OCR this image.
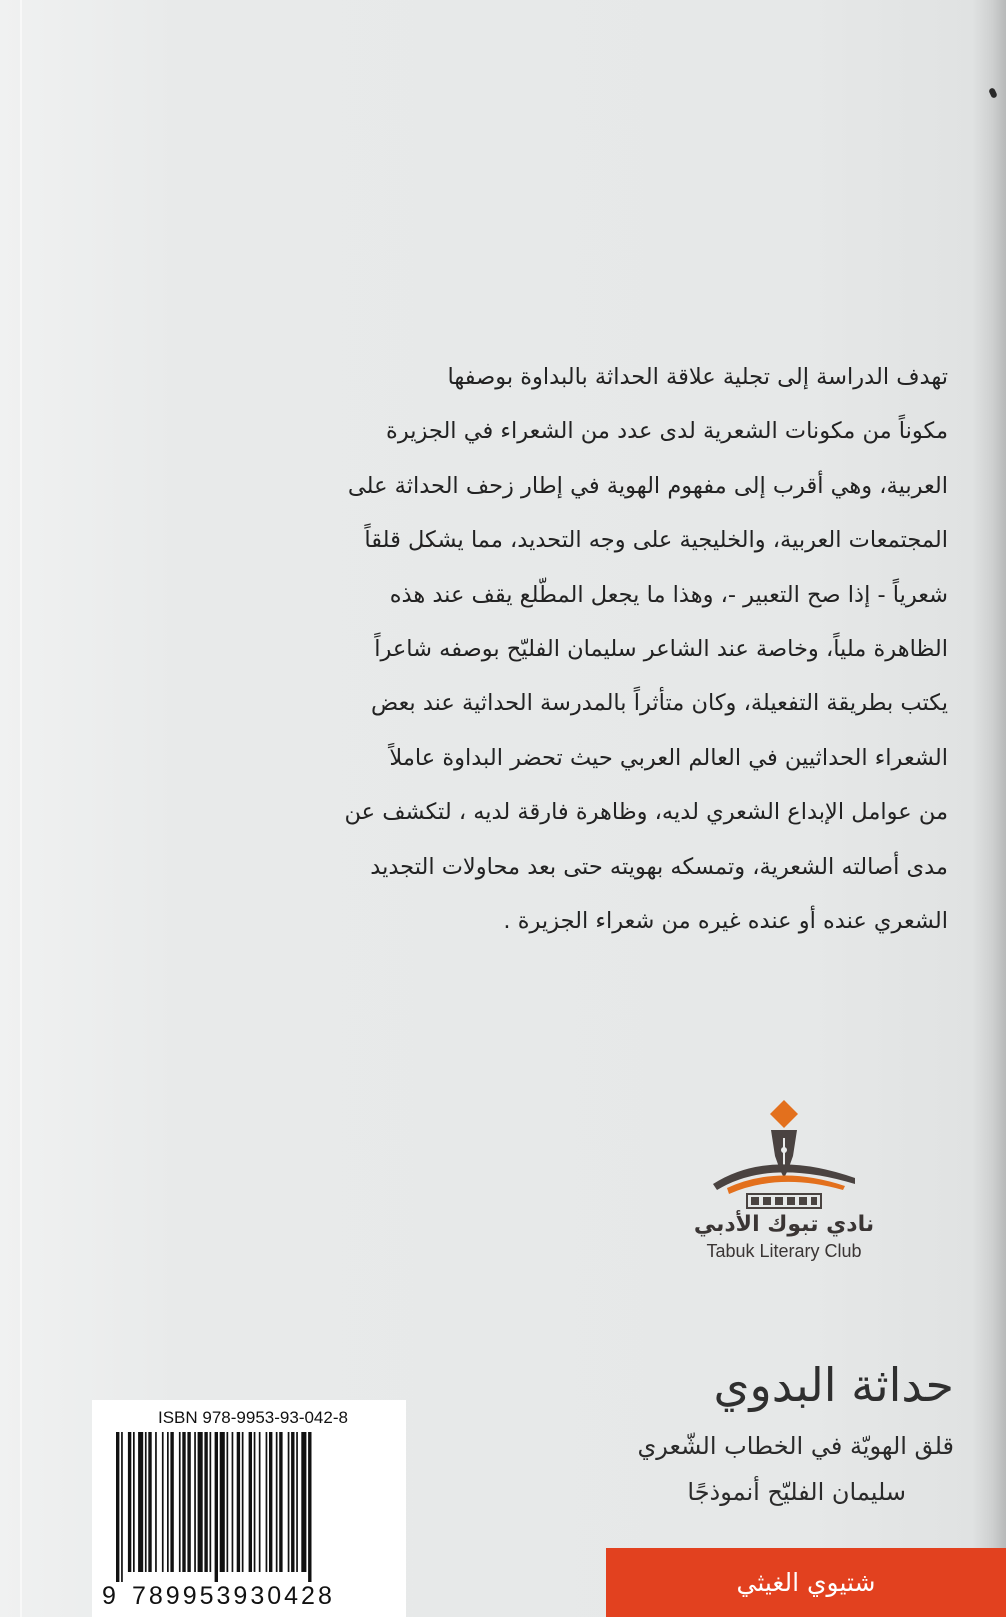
تهدف الدراسة إلى تجلية علاقة الحداثة بالبداوة بوصفها
مكوناً من مكونات الشعرية لدى عدد من الشعراء في الجزيرة
العربية، وهي أقرب إلى مفهوم الهوية في إطار زحف الحداثة على
المجتمعات العربية، والخليجية على وجه التحديد، مما يشكل قلقاً
شعرياً - إذا صح التعبير -، وهذا ما يجعل المطّلع يقف عند هذه
الظاهرة ملياً، وخاصة عند الشاعر سليمان الفليّح بوصفه شاعراً
يكتب بطريقة التفعيلة، وكان متأثراً بالمدرسة الحداثية عند بعض
الشعراء الحداثيين في العالم العربي حيث تحضر البداوة عاملاً
من عوامل الإبداع الشعري لديه، وظاهرة فارقة لديه ، لتكشف عن
مدى أصالته الشعرية، وتمسكه بهويته حتى بعد محاولات التجديد
الشعري عنده أو عنده غيره من شعراء الجزيرة .
نادي تبوك الأدبي
Tabuk Literary Club
حداثة البدوي
قلق الهويّة في الخطاب الشّعري
سليمان الفليّح أنموذجًا
شتيوي الغيثي
ISBN 978-9953-93-042-8
9 789953930428
